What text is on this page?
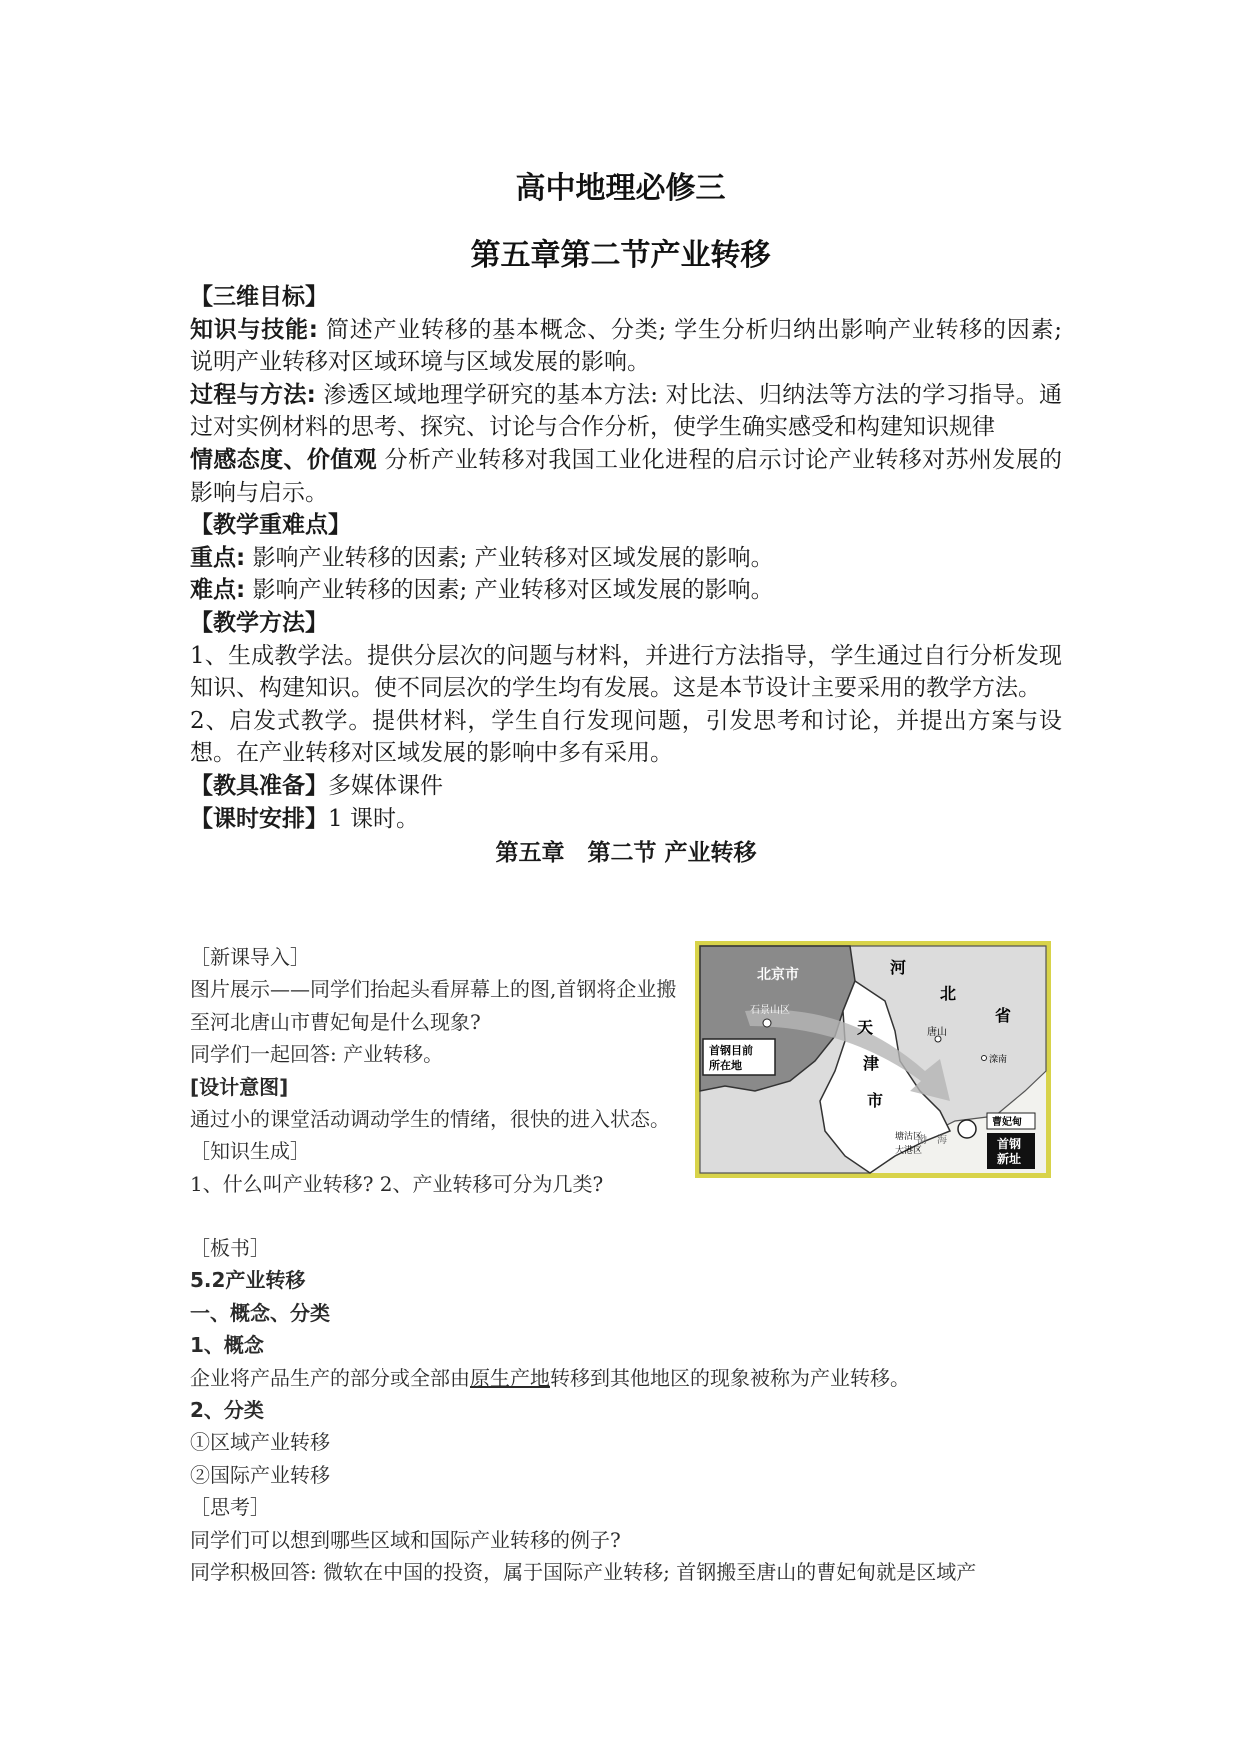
高中地理必修三
第五章第二节产业转移

【三维目标】

知识与技能: 简述产业转移的基本概念、分类; 学生分析归纳出影响产业转移的因素; 说明产业转移对区域环境与区域发展的影响。

过程与方法: 渗透区域地理学研究的基本方法: 对比法、归纳法等方法的学习指导。通过对实例材料的思考、探究、讨论与合作分析，使学生确实感受和构建知识规律

情感态度、价值观 分析产业转移对我国工业化进程的启示讨论产业转移对苏州发展的影响与启示。

【教学重难点】

重点: 影响产业转移的因素; 产业转移对区域发展的影响。

难点: 影响产业转移的因素; 产业转移对区域发展的影响。

【教学方法】

1、生成教学法。提供分层次的问题与材料，并进行方法指导，学生通过自行分析发现知识、构建知识。使不同层次的学生均有发展。这是本节设计主要采用的教学方法。

2、启发式教学。提供材料，学生自行发现问题，引发思考和讨论，并提出方案与设想。在产业转移对区域发展的影响中多有采用。

【教具准备】多媒体课件

【课时安排】1 课时。

第五章　第二节 产业转移

［新课导入］

图片展示——同学们抬起头看屏幕上的图,首钢将企业搬至河北唐山市曹妃甸是什么现象?

同学们一起回答: 产业转移。

[设计意图]

通过小的课堂活动调动学生的情绪，很快的进入状态。

［知识生成］

1、什么叫产业转移? 2、产业转移可分为几类?

［板书］

5.2产业转移

一、概念、分类

1、概念

企业将产品生产的部分或全部由原生产地转移到其他地区的现象被称为产业转移。

2、分类

①区域产业转移

②国际产业转移

［思考］

同学们可以想到哪些区域和国际产业转移的例子?

同学积极回答: 微软在中国的投资，属于国际产业转移; 首钢搬至唐山的曹妃甸就是区域产

首钢目前
所在地
北京市
石景山区
河
北
省
天
津
市
唐山
滦南
塘沽区
大港区
渤　海
曹妃甸
首钢
新址
